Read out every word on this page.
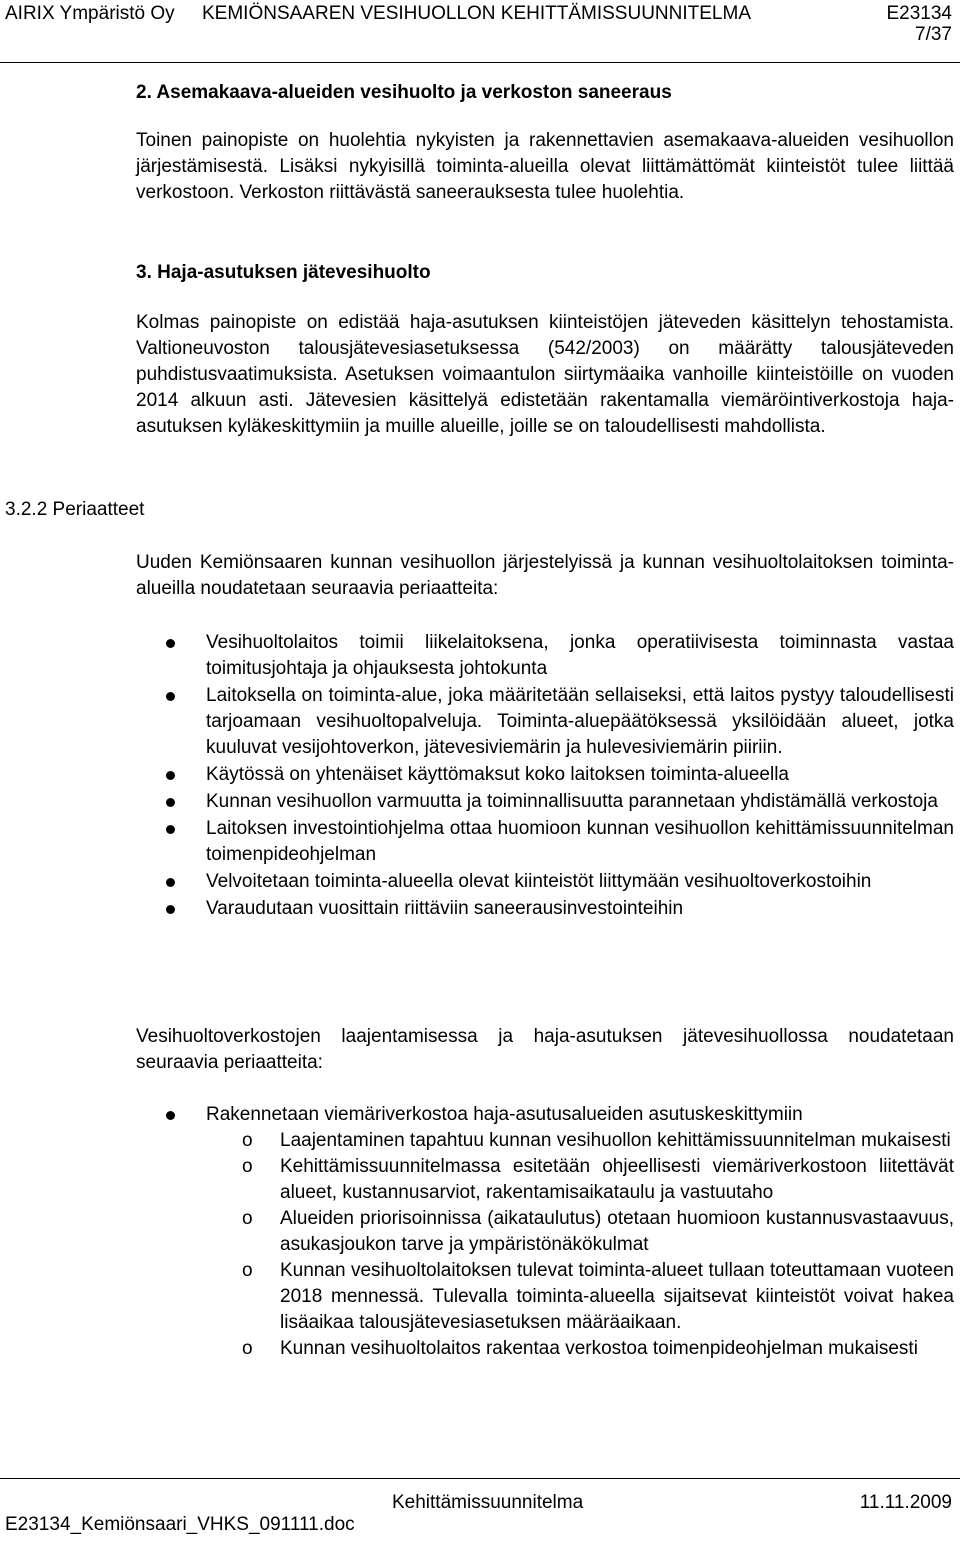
AIRIX Ympäristö Oy KEMIÖNSAAREN VESIHUOLLON KEHITTÄMISSUUNNITELMA	E23134
7/37
2. Asemakaava-alueiden vesihuolto ja verkoston saneeraus

Toinen painopiste on huolehtia nykyisten ja rakennettavien asemakaava-alueiden vesihuollon järjestämisestä. Lisäksi nykyisillä toiminta-alueilla olevat liittämättömät kiinteistöt tulee liittää verkostoon. Verkoston riittävästä saneerauksesta tulee huolehtia.

3. Haja-asutuksen jätevesihuolto

Kolmas painopiste on edistää haja-asutuksen kiinteistöjen jäteveden käsittelyn tehostamista. Valtioneuvoston talousjätevesiasetuksessa (542/2003) on määrätty talousjäteveden puhdistusvaatimuksista. Asetuksen voimaantulon siirtymäaika vanhoille kiinteistöille on vuoden 2014 alkuun asti. Jätevesien käsittelyä edistetään rakentamalla viemäröintiverkostoja haja-asutuksen kyläkeskittymiin ja muille alueille, joille se on taloudellisesti mahdollista.

3.2.2 Periaatteet

Uuden Kemiönsaaren kunnan vesihuollon järjestelyissä ja kunnan vesihuoltolaitoksen toiminta-alueilla noudatetaan seuraavia periaatteita:

Vesihuoltolaitos toimii liikelaitoksena, jonka operatiivisesta toiminnasta vastaa toimitusjohtaja ja ohjauksesta johtokunta
Laitoksella on toiminta-alue, joka määritetään sellaiseksi, että laitos pystyy taloudellisesti tarjoamaan vesihuoltopalveluja. Toiminta-aluepäätöksessä yksilöidään alueet, jotka kuuluvat vesijohtoverkon, jätevesiviemärin ja hulevesiviemärin piiriin.
Käytössä on yhtenäiset käyttömaksut koko laitoksen toiminta-alueella
Kunnan vesihuollon varmuutta ja toiminnallisuutta parannetaan yhdistämällä verkostoja
Laitoksen investointiohjelma ottaa huomioon kunnan vesihuollon kehittämissuunnitelman toimenpideohjelman
Velvoitetaan toiminta-alueella olevat kiinteistöt liittymään vesihuoltoverkostoihin
Varaudutaan vuosittain riittäviin saneerausinvestointeihin

Vesihuoltoverkostojen laajentamisessa ja haja-asutuksen jätevesihuollossa noudatetaan seuraavia periaatteita:

Rakennetaan viemäriverkostoa haja-asutusalueiden asutuskeskittymiin
o Laajentaminen tapahtuu kunnan vesihuollon kehittämissuunnitelman mukaisesti
o Kehittämissuunnitelmassa esitetään ohjeellisesti viemäriverkostoon liitettävät alueet, kustannusarviot, rakentamisaikataulu ja vastuutaho
o Alueiden priorisoinnissa (aikataulutus) otetaan huomioon kustannusvastaavuus, asukasjoukon tarve ja ympäristönäkökulmat
o Kunnan vesihuoltolaitoksen tulevat toiminta-alueet tullaan toteuttamaan vuoteen 2018 mennessä. Tulevalla toiminta-alueella sijaitsevat kiinteistöt voivat hakea lisäaikaa talousjätevesiasetuksen määräaikaan.
o Kunnan vesihuoltolaitos rakentaa verkostoa toimenpideohjelman mukaisesti
Kehittämissuunnitelma	11.11.2009
E23134_Kemiönsaari_VHKS_091111.doc
